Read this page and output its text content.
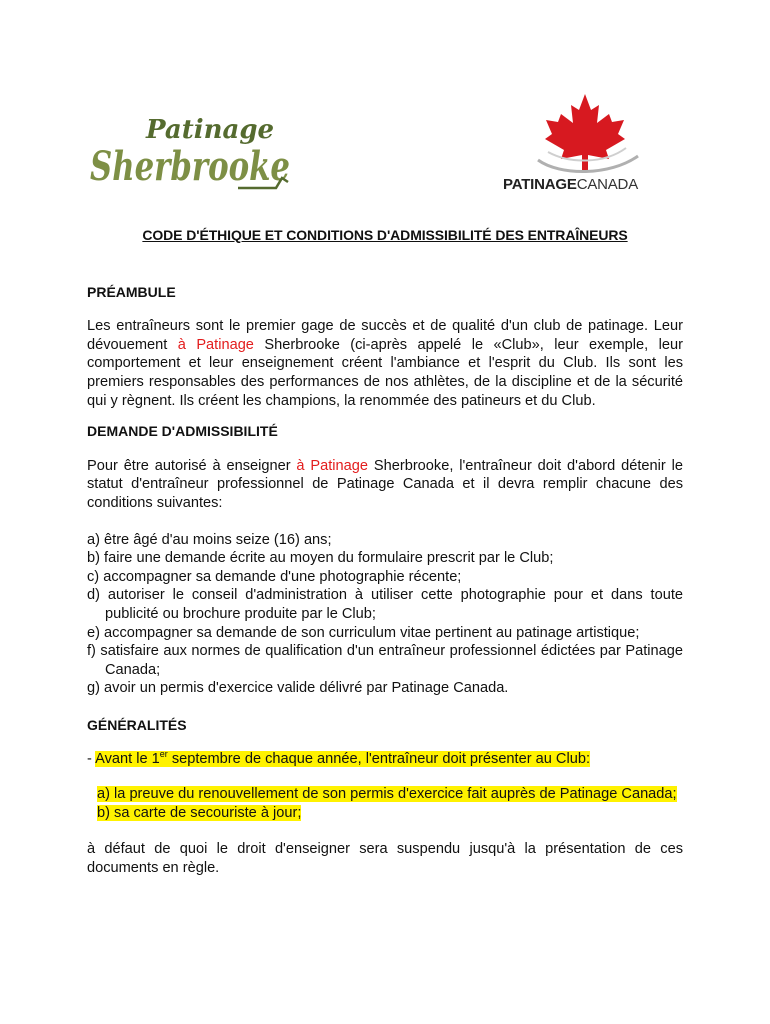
Patinage
Sherbrooke	PATINAGECANADA
CODE D'ÉTHIQUE ET CONDITIONS D'ADMISSIBILITÉ DES ENTRAÎNEURS
PRÉAMBULE

Les entraîneurs sont le premier gage de succès et de qualité d'un club de patinage. Leur dévouement à Patinage Sherbrooke (ci-après appelé le «Club», leur exemple, leur comportement et leur enseignement créent l'ambiance et l'esprit du Club. Ils sont les premiers responsables des performances de nos athlètes, de la discipline et de la sécurité qui y règnent. Ils créent les champions, la renommée des patineurs et du Club.

DEMANDE D'ADMISSIBILITÉ

Pour être autorisé à enseigner à Patinage Sherbrooke, l'entraîneur doit d'abord détenir le statut d'entraîneur professionnel de Patinage Canada et il devra remplir chacune des conditions suivantes:

a) être âgé d'au moins seize (16) ans;
b) faire une demande écrite au moyen du formulaire prescrit par le Club;
c) accompagner sa demande d'une photographie récente;
d) autoriser le conseil d'administration à utiliser cette photographie pour et dans toute publicité ou brochure produite par le Club;
e) accompagner sa demande de son curriculum vitae pertinent au patinage artistique;
f) satisfaire aux normes de qualification d'un entraîneur professionnel édictées par Patinage Canada;
g) avoir un permis d'exercice valide délivré par Patinage Canada.
GÉNÉRALITÉS

- Avant le 1er septembre de chaque année, l'entraîneur doit présenter au Club:

a) la preuve du renouvellement de son permis d'exercice fait auprès de Patinage Canada;
b) sa carte de secouriste à jour;

à défaut de quoi le droit d'enseigner sera suspendu jusqu'à la présentation de ces documents en règle.
